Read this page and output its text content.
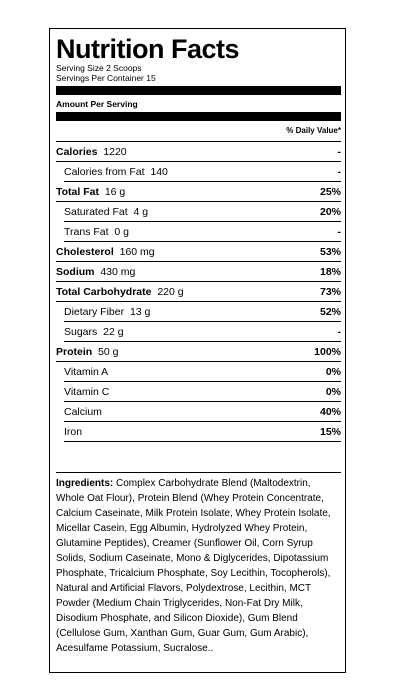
Nutrition Facts
Serving Size 2 Scoops
Servings Per Container 15
Amount Per Serving
% Daily Value*
Calories 1220	-
Calories from Fat 140	-
Total Fat 16 g	25%
Saturated Fat 4 g	20%
Trans Fat 0 g	-
Cholesterol 160 mg	53%
Sodium 430 mg	18%
Total Carbohydrate 220 g	73%
Dietary Fiber 13 g	52%
Sugars 22 g	-
Protein 50 g	100%
Vitamin A	0%
Vitamin C	0%
Calcium	40%
Iron	15%
Ingredients: Complex Carbohydrate Blend (Maltodextrin, Whole Oat Flour), Protein Blend (Whey Protein Concentrate, Calcium Caseinate, Milk Protein Isolate, Whey Protein Isolate, Micellar Casein, Egg Albumin, Hydrolyzed Whey Protein, Glutamine Peptides), Creamer (Sunflower Oil, Corn Syrup Solids, Sodium Caseinate, Mono & Diglycerides, Dipotassium Phosphate, Tricalcium Phosphate, Soy Lecithin, Tocopherols), Natural and Artificial Flavors, Polydextrose, Lecithin, MCT Powder (Medium Chain Triglycerides, Non-Fat Dry Milk, Disodium Phosphate, and Silicon Dioxide), Gum Blend (Cellulose Gum, Xanthan Gum, Guar Gum, Gum Arabic), Acesulfame Potassium, Sucralose..
